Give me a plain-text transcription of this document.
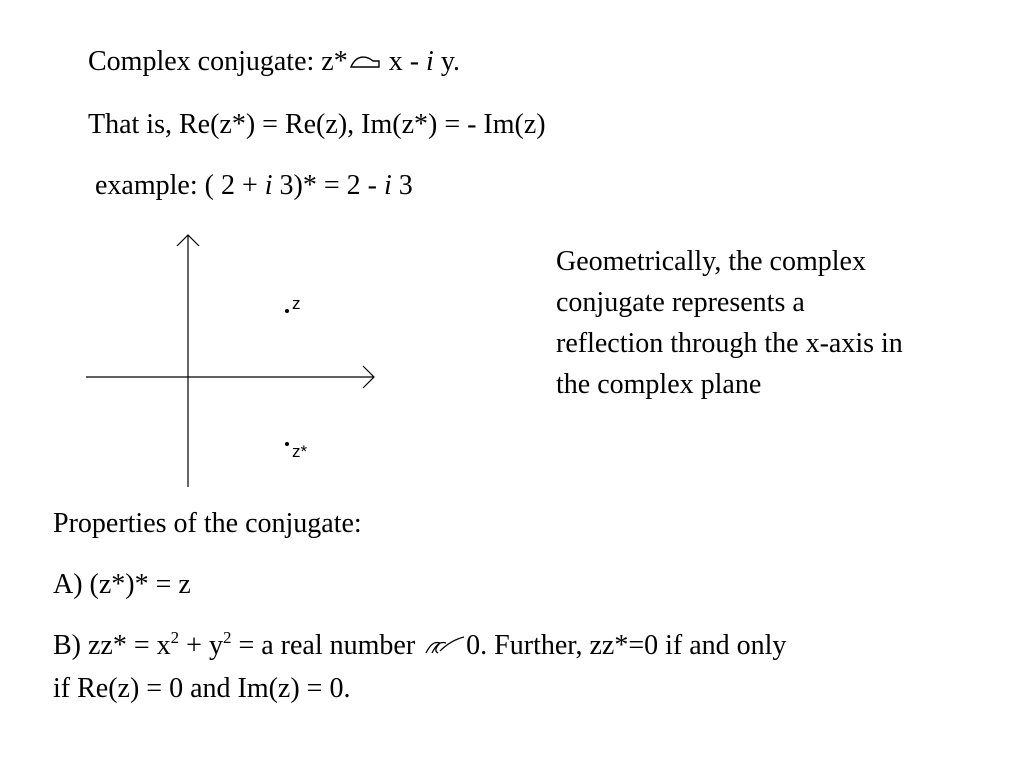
Complex conjugate: z* x - i y.
That is, Re(z*) = Re(z), Im(z*) = - Im(z)
example: ( 2 + i 3)* = 2 - i 3
z
z*
Geometrically, the complex
conjugate represents a
reflection through the x-axis in
the complex plane
Properties of the conjugate:
A) (z*)* = z
B) $zz* = x^2 + y^2 = a$ real number 0. Further, zz*=0 if and only
if Re(z) = 0 and Im(z) = 0.
